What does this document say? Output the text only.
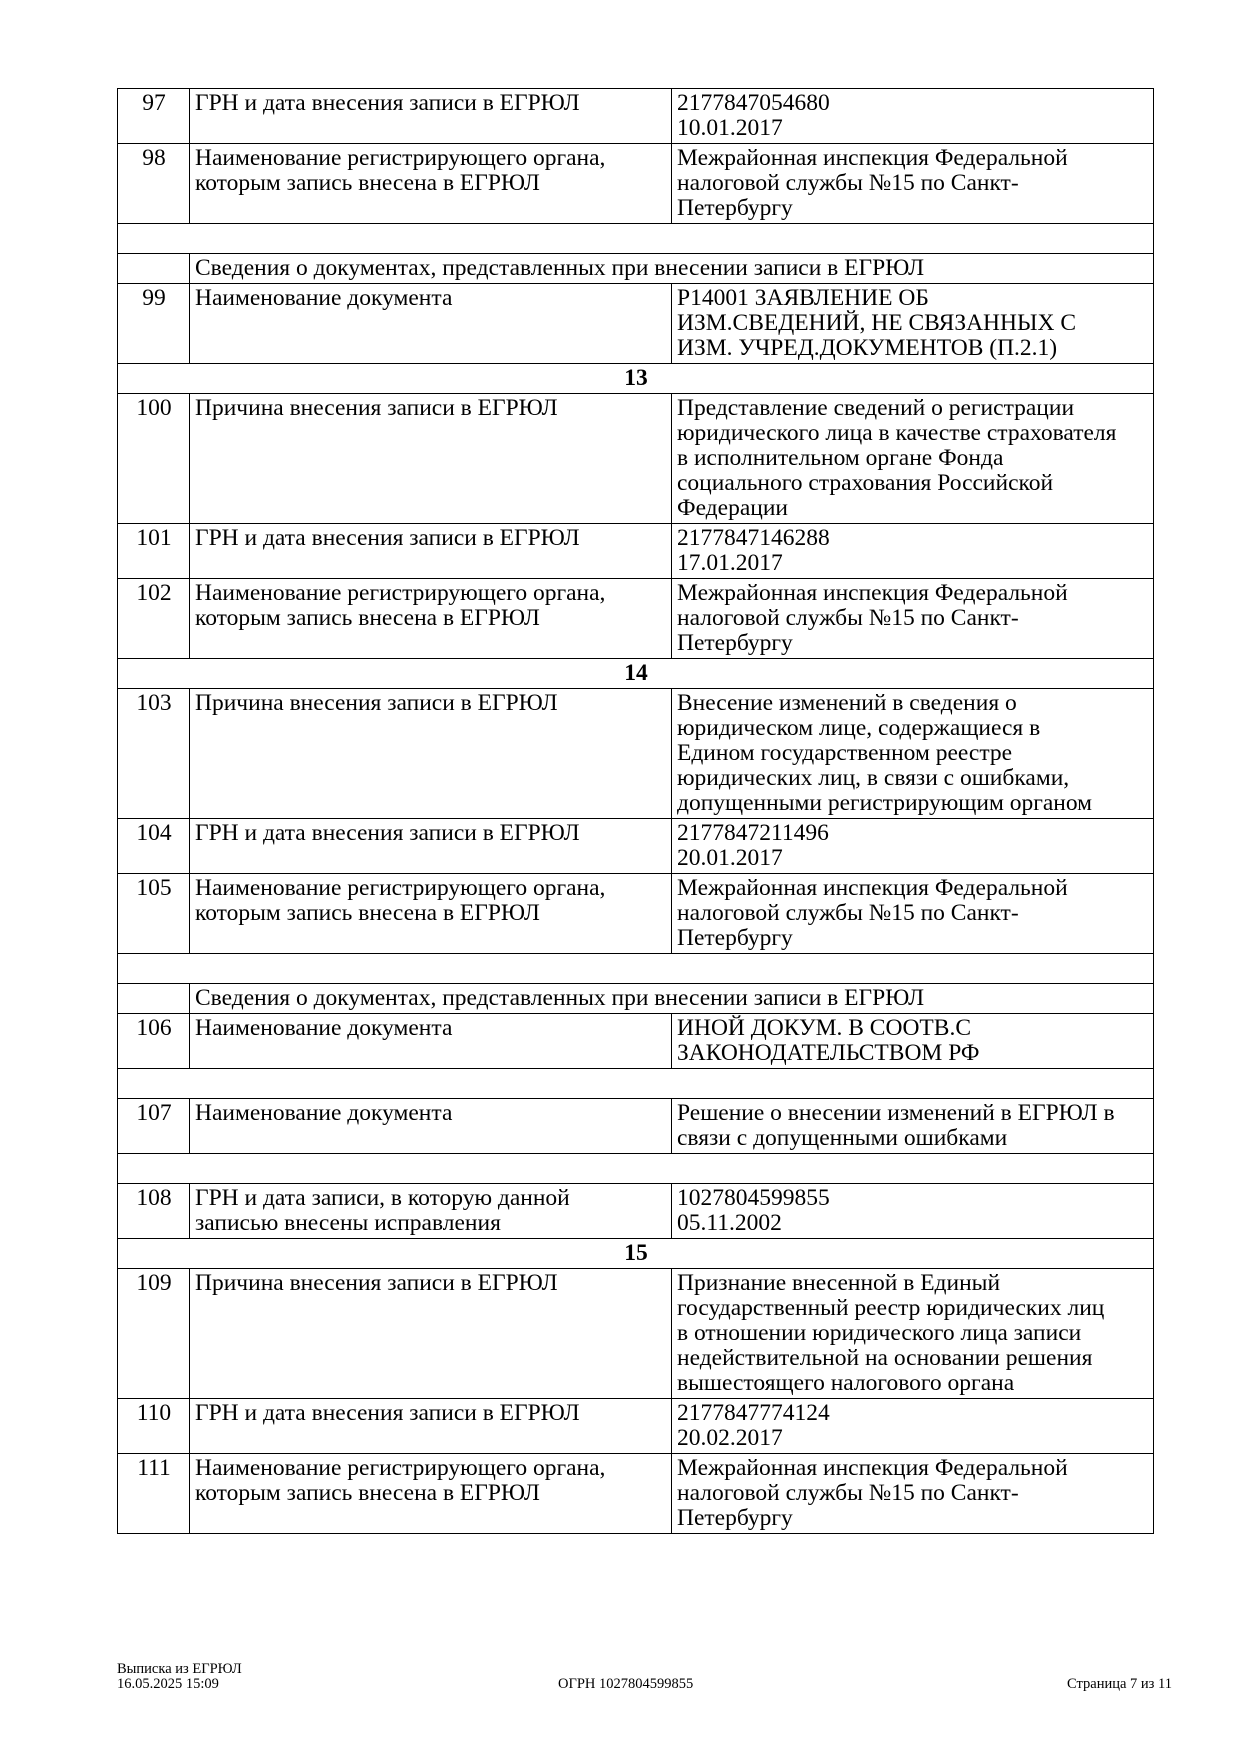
97	ГРН и дата внесения записи в ЕГРЮЛ	2177847054680
10.01.2017
98	Наименование регистрирующего органа,
которым запись внесена в ЕГРЮЛ	Межрайонная инспекция Федеральной
налоговой службы №15 по Санкт-
Петербургу

	Сведения о документах, представленных при внесении записи в ЕГРЮЛ	
99	Наименование документа	Р14001 ЗАЯВЛЕНИЕ ОБ
ИЗМ.СВЕДЕНИЙ, НЕ СВЯЗАННЫХ С
ИЗМ. УЧРЕД.ДОКУМЕНТОВ (П.2.1)
13		
100	Причина внесения записи в ЕГРЮЛ	Представление сведений о регистрации
юридического лица в качестве страхователя
в исполнительном органе Фонда
социального страхования Российской
Федерации
101	ГРН и дата внесения записи в ЕГРЮЛ	2177847146288
17.01.2017
102	Наименование регистрирующего органа,
которым запись внесена в ЕГРЮЛ	Межрайонная инспекция Федеральной
налоговой службы №15 по Санкт-
Петербургу
14		
103	Причина внесения записи в ЕГРЮЛ	Внесение изменений в сведения о
юридическом лице, содержащиеся в
Едином государственном реестре
юридических лиц, в связи с ошибками,
допущенными регистрирующим органом
104	ГРН и дата внесения записи в ЕГРЮЛ	2177847211496
20.01.2017
105	Наименование регистрирующего органа,
которым запись внесена в ЕГРЮЛ	Межрайонная инспекция Федеральной
налоговой службы №15 по Санкт-
Петербургу

	Сведения о документах, представленных при внесении записи в ЕГРЮЛ	
106	Наименование документа	ИНОЙ ДОКУМ. В СООТВ.С
ЗАКОНОДАТЕЛЬСТВОМ РФ

107	Наименование документа	Решение о внесении изменений в ЕГРЮЛ в
связи с допущенными ошибками

108	ГРН и дата записи, в которую данной
записью внесены исправления	1027804599855
05.11.2002
15		
109	Причина внесения записи в ЕГРЮЛ	Признание внесенной в Единый
государственный реестр юридических лиц
в отношении юридического лица записи
недействительной на основании решения
вышестоящего налогового органа
110	ГРН и дата внесения записи в ЕГРЮЛ	2177847774124
20.02.2017
111	Наименование регистрирующего органа,
которым запись внесена в ЕГРЮЛ	Межрайонная инспекция Федеральной
налоговой службы №15 по Санкт-
Петербургу
Выписка из ЕГРЮЛ
16.05.2025 15:09	ОГРН 1027804599855	Страница 7 из 11
